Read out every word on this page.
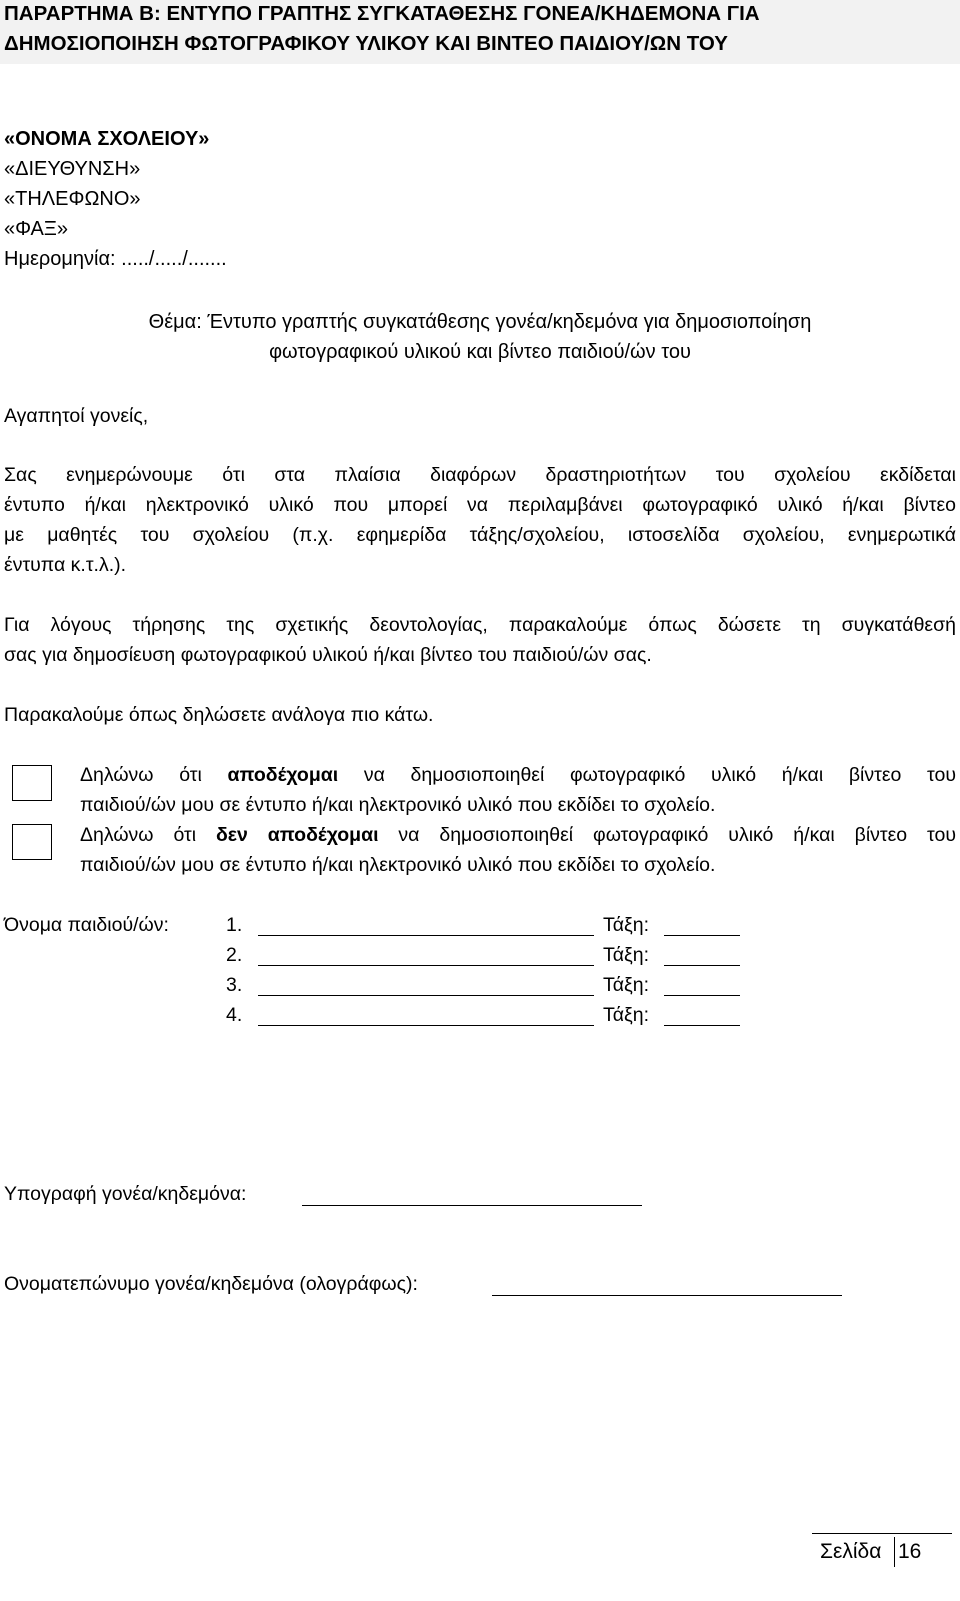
ΠΑΡΑΡΤΗΜΑ Β: ΕΝΤΥΠΟ ΓΡΑΠΤΗΣ ΣΥΓΚΑΤΑΘΕΣΗΣ ΓΟΝΕΑ/ΚΗΔΕΜΟΝΑ ΓΙΑ
ΔΗΜΟΣΙΟΠΟΙΗΣΗ ΦΩΤΟΓΡΑΦΙΚΟΥ ΥΛΙΚΟΥ ΚΑΙ ΒΙΝΤΕΟ ΠΑΙΔΙΟΥ/ΩΝ ΤΟΥ
«ΟΝΟΜΑ ΣΧΟΛΕΙΟΥ»
«ΔΙΕΥΘΥΝΣΗ»
«ΤΗΛΕΦΩΝΟ»
«ΦΑΞ»
Ημερομηνία: ...../...../.......
Θέμα: Έντυπο γραπτής συγκατάθεσης γονέα/κηδεμόνα για δημοσιοποίηση
φωτογραφικού υλικού και βίντεο παιδιού/ών του
Αγαπητοί γονείς,
Σας ενημερώνουμε ότι στα πλαίσια διαφόρων δραστηριοτήτων του σχολείου εκδίδεται
έντυπο ή/και ηλεκτρονικό υλικό που μπορεί να περιλαμβάνει φωτογραφικό υλικό ή/και βίντεο
με μαθητές του σχολείου (π.χ. εφημερίδα τάξης/σχολείου, ιστοσελίδα σχολείου, ενημερωτικά
έντυπα κ.τ.λ.).
Για λόγους τήρησης της σχετικής δεοντολογίας, παρακαλούμε όπως δώσετε τη συγκατάθεσή
σας για δημοσίευση φωτογραφικού υλικού ή/και βίντεο του παιδιού/ών σας.
Παρακαλούμε όπως δηλώσετε ανάλογα πιο κάτω.
Δηλώνω ότι αποδέχομαι να δημοσιοποιηθεί φωτογραφικό υλικό ή/και βίντεο του
παιδιού/ών μου σε έντυπο ή/και ηλεκτρονικό υλικό που εκδίδει το σχολείο.
Δηλώνω ότι δεν αποδέχομαι να δημοσιοποιηθεί φωτογραφικό υλικό ή/και βίντεο του
παιδιού/ών μου σε έντυπο ή/και ηλεκτρονικό υλικό που εκδίδει το σχολείο.
Όνομα παιδιού/ών:	1.	Τάξη:
2.	Τάξη:
3.	Τάξη:
4.	Τάξη:
Υπογραφή γονέα/κηδεμόνα:
Ονοματεπώνυμο γονέα/κηδεμόνα (ολογράφως):
Σελίδα 16
